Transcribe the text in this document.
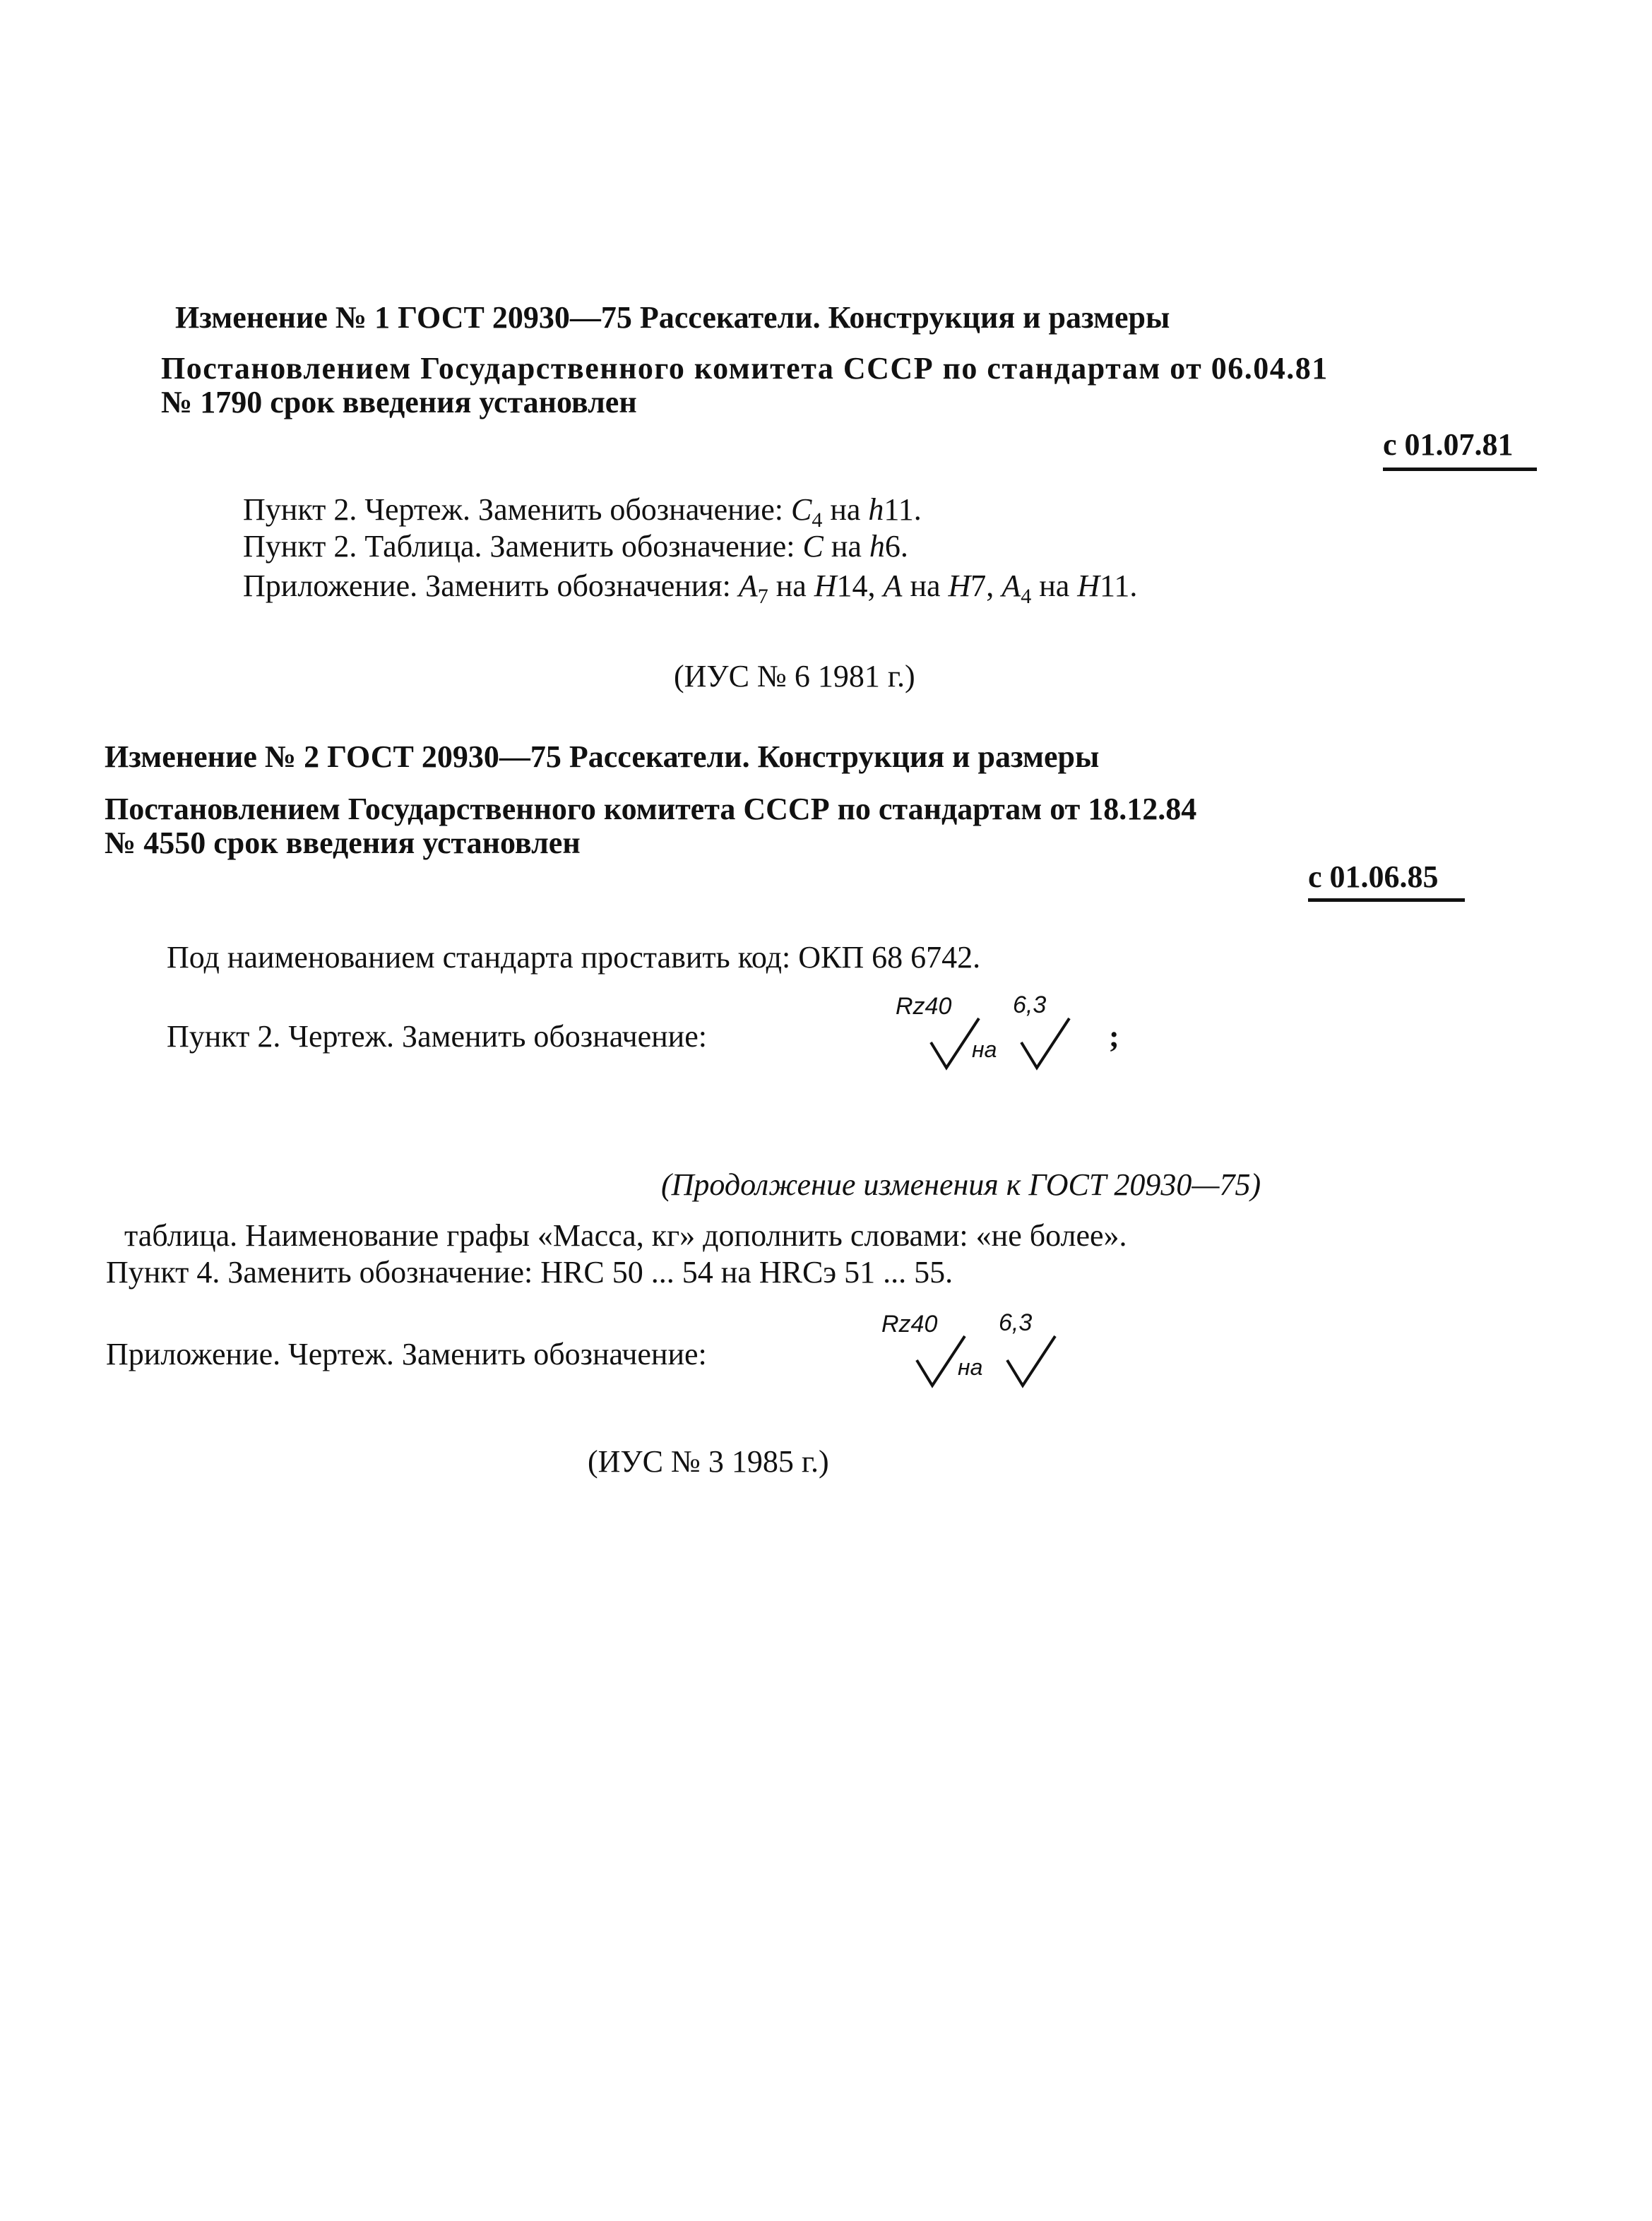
Изменение № 1 ГОСТ 20930—75 Рассекатели. Конструкция и размеры
Постановлением Государственного комитета СССР по стандартам от 06.04.81
№ 1790 срок введения установлен
с 01.07.81
Пункт 2. Чертеж. Заменить обозначение: $C_4$ на h11.
Пункт 2. Таблица. Заменить обозначение: C на h6.
Приложение. Заменить обозначения: $A_7$ на H14, A на H7, $A_4$ на H11.
(ИУС № 6 1981 г.)
Изменение № 2 ГОСТ 20930—75 Рассекатели. Конструкция и размеры
Постановлением Государственного комитета СССР по стандартам от 18.12.84
№ 4550 срок введения установлен
с 01.06.85
Под наименованием стандарта проставить код: ОКП 68 6742.
Пункт 2. Чертеж. Заменить обозначение:
Rz40	6,3
на	;
(Продолжение изменения к ГОСТ 20930—75)
таблица. Наименование графы «Масса, кг» дополнить словами: «не более».
Пункт 4. Заменить обозначение: HRC 50 ... 54 на HRCэ 51 ... 55.
Приложение. Чертеж. Заменить обозначение:
Rz40	6,3
на
(ИУС № 3 1985 г.)
